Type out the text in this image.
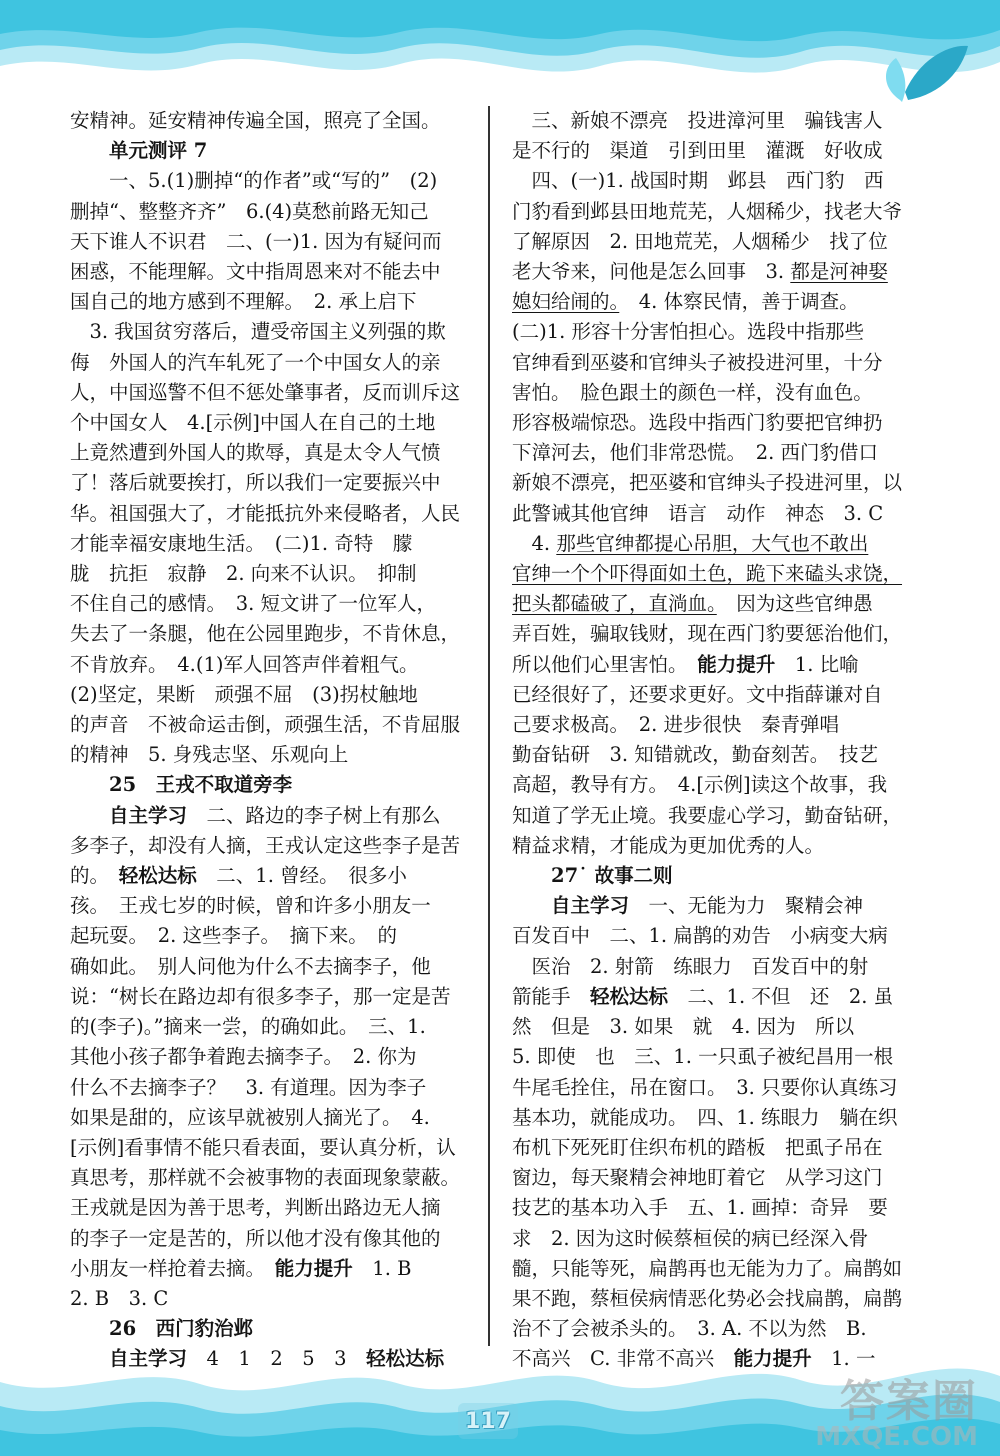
安精神。延安精神传遍全国，照亮了全国。
单元测评 7
一、5.(1)删掉“的作者”或“写的”　(2)
删掉“、整整齐齐”　6.(4)莫愁前路无知己
天下谁人不识君　二、(一)1. 因为有疑问而
困惑，不能理解。文中指周恩来对不能去中
国自己的地方感到不理解。　2. 承上启下
3. 我国贫穷落后，遭受帝国主义列强的欺
侮　外国人的汽车轧死了一个中国女人的亲
人，中国巡警不但不惩处肇事者，反而训斥这
个中国女人　4.[示例]中国人在自己的土地
上竟然遭到外国人的欺辱，真是太令人气愤
了！落后就要挨打，所以我们一定要振兴中
华。祖国强大了，才能抵抗外来侵略者，人民
才能幸福安康地生活。　(二)1. 奇特　朦
胧　抗拒　寂静　2. 向来不认识。　抑制
不住自己的感情。　3. 短文讲了一位军人，
失去了一条腿，他在公园里跑步，不肯休息，
不肯放弃。　4.(1)军人回答声伴着粗气。
(2)坚定，果断　顽强不屈　(3)拐杖触地
的声音　不被命运击倒，顽强生活，不肯屈服
的精神　5. 身残志坚、乐观向上
25　王戎不取道旁李
自主学习　二、路边的李子树上有那么
多李子，却没有人摘，王戎认定这些李子是苦
的。　轻松达标　二、1. 曾经。　很多小
孩。　王戎七岁的时候，曾和许多小朋友一
起玩耍。　2. 这些李子。　摘下来。　的
确如此。　别人问他为什么不去摘李子，他
说：“树长在路边却有很多李子，那一定是苦
的(李子)。”摘来一尝，的确如此。　三、1.
其他小孩子都争着跑去摘李子。　2. 你为
什么不去摘李子？　3. 有道理。因为李子
如果是甜的，应该早就被别人摘光了。　4.
[示例]看事情不能只看表面，要认真分析，认
真思考，那样就不会被事物的表面现象蒙蔽。
王戎就是因为善于思考，判断出路边无人摘
的李子一定是苦的，所以他才没有像其他的
小朋友一样抢着去摘。　能力提升　1. B
2. B　3. C
26　西门豹治邺
自主学习　4　1　2　5　3　轻松达标
三、新娘不漂亮　投进漳河里　骗钱害人
是不行的　渠道　引到田里　灌溉　好收成
四、(一)1. 战国时期　邺县　西门豹　西
门豹看到邺县田地荒芜，人烟稀少，找老大爷
了解原因　2. 田地荒芜，人烟稀少　找了位
老大爷来，问他是怎么回事　3. 都是河神娶
媳妇给闹的。　4. 体察民情，善于调查。
(二)1. 形容十分害怕担心。选段中指那些
官绅看到巫婆和官绅头子被投进河里，十分
害怕。　脸色跟土的颜色一样，没有血色。
形容极端惊恐。选段中指西门豹要把官绅扔
下漳河去，他们非常恐慌。　2. 西门豹借口
新娘不漂亮，把巫婆和官绅头子投进河里，以
此警诫其他官绅　语言　动作　神态　3. C
4. 那些官绅都提心吊胆，大气也不敢出
官绅一个个吓得面如土色，跪下来磕头求饶，
把头都磕破了，直淌血。　因为这些官绅愚
弄百姓，骗取钱财，现在西门豹要惩治他们，
所以他们心里害怕。　能力提升　1. 比喻
已经很好了，还要求更好。文中指薛谦对自
己要求极高。　2. 进步很快　秦青弹唱
勤奋钻研　3. 知错就改，勤奋刻苦。　技艺
高超，教导有方。　4.[示例]读这个故事，我
知道了学无止境。我要虚心学习，勤奋钻研，
精益求精，才能成为更加优秀的人。
27˙ 故事二则
自主学习　一、无能为力　聚精会神
百发百中　二、1. 扁鹊的劝告　小病变大病
医治　2. 射箭　练眼力　百发百中的射
箭能手　轻松达标　二、1. 不但　还　2. 虽
然　但是　3. 如果　就　4. 因为　所以
5. 即使　也　三、1. 一只虱子被纪昌用一根
牛尾毛拴住，吊在窗口。　3. 只要你认真练习
基本功，就能成功。　四、1. 练眼力　躺在织
布机下死死盯住织布机的踏板　把虱子吊在
窗边，每天聚精会神地盯着它　从学习这门
技艺的基本功入手　五、1. 画掉：奇异　要
求　2. 因为这时候蔡桓侯的病已经深入骨
髓，只能等死，扁鹊再也无能为力了。扁鹊如
果不跑，蔡桓侯病情恶化势必会找扁鹊，扁鹊
治不了会被杀头的。　3. A. 不以为然　B.
不高兴　C. 非常不高兴　能力提升　1. 一
117	答案圈
MXQE.COM
